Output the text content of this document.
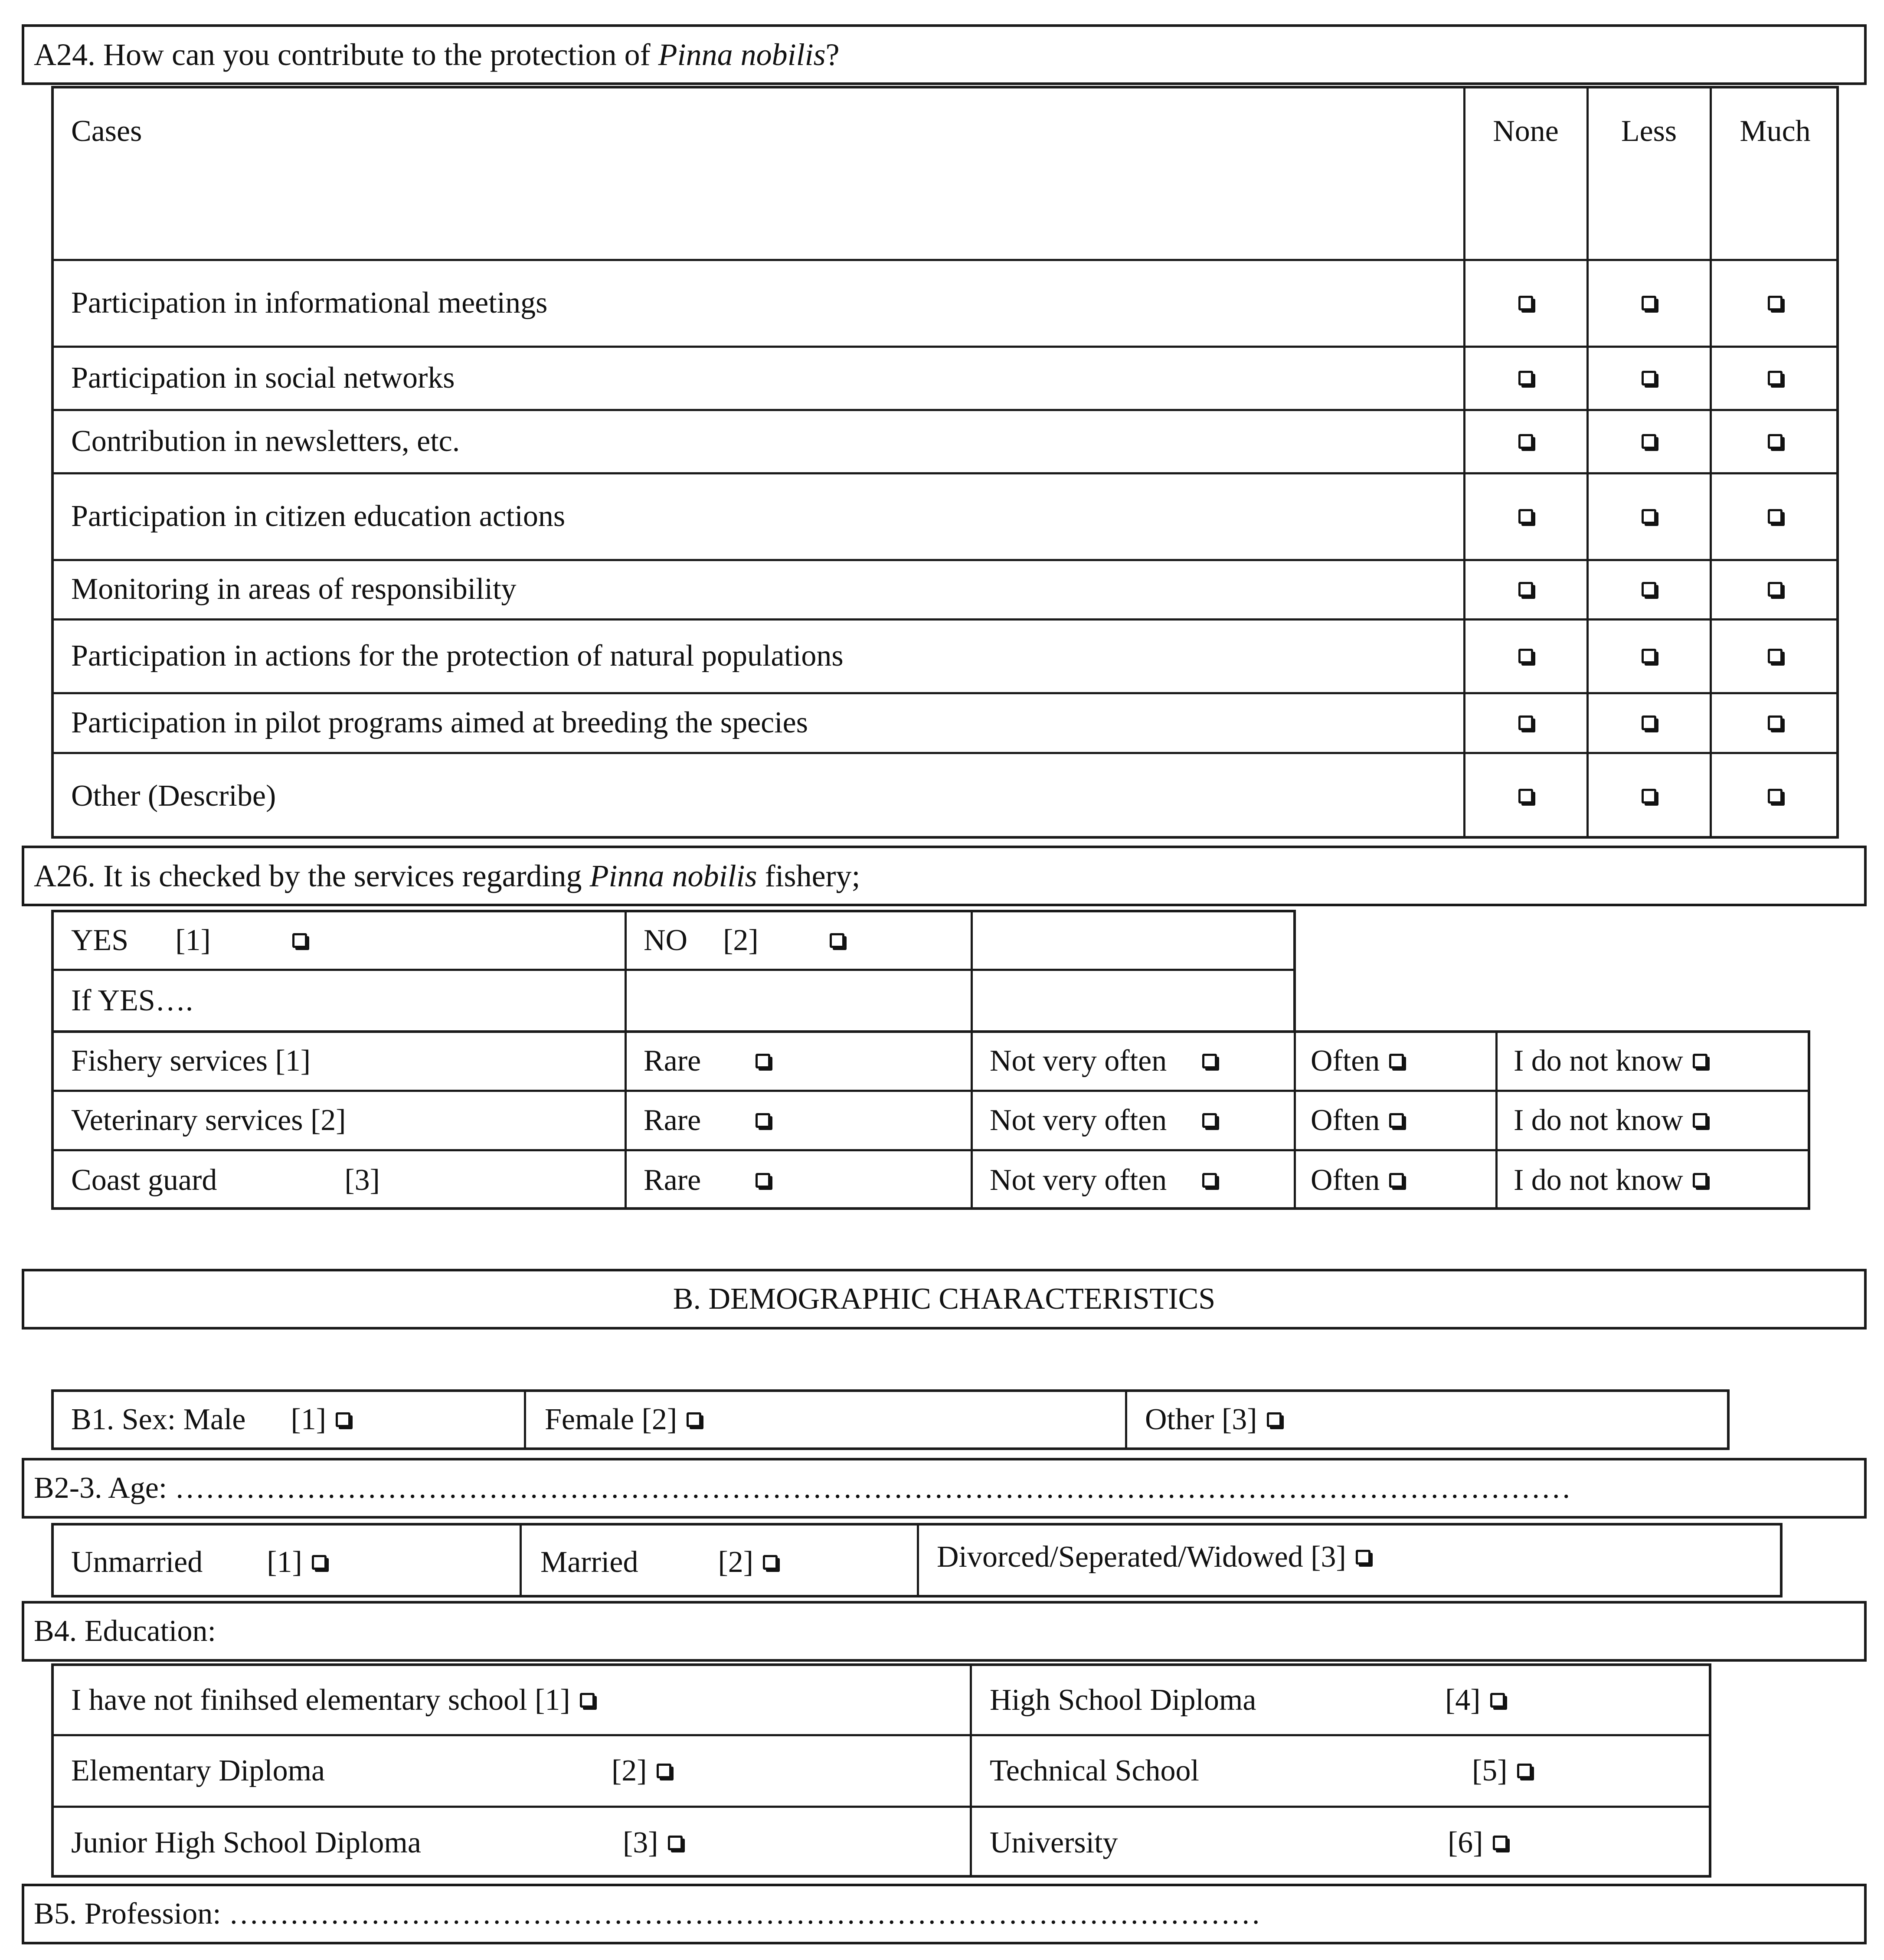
A24. How can you contribute to the protection of Pinna nobilis ?
Cases	None	Less	Much
Participation in informational meetings
Participation in social networks
Contribution in newsletters, etc.
Participation in citizen education actions
Monitoring in areas of responsibility
Participation in actions for the protection of natural populations
Participation in pilot programs aimed at breeding the species
Other (Describe)
A26. It is checked by the services regarding Pinna nobilis fishery;
YES [1]	NO [2]
If YES….
Fishery services [1]	Rare	Not very often	Often	I do not know
Veterinary services [2]	Rare	Not very often	Often	I do not know
Coast guard	[3]	Rare	Not very often	Often	I do not know
B. DEMOGRAPHIC CHARACTERISTICS
B1. Sex: Male [1]	Female [2]	Other [3]
B2-3. Age: …………………………………………………………………………………………………………………………
Unmarried [1]	Married	[2]	Divorced/Seperated/Widowed [3]
B4. Education:
I have not finihsed elementary school [1]	High School Diploma	[4]
Elementary Diploma	[2]	Technical School	[5]
Junior High School Diploma	[3]	University	[6]
B5. Profession: …………………………………………………………………………………………
